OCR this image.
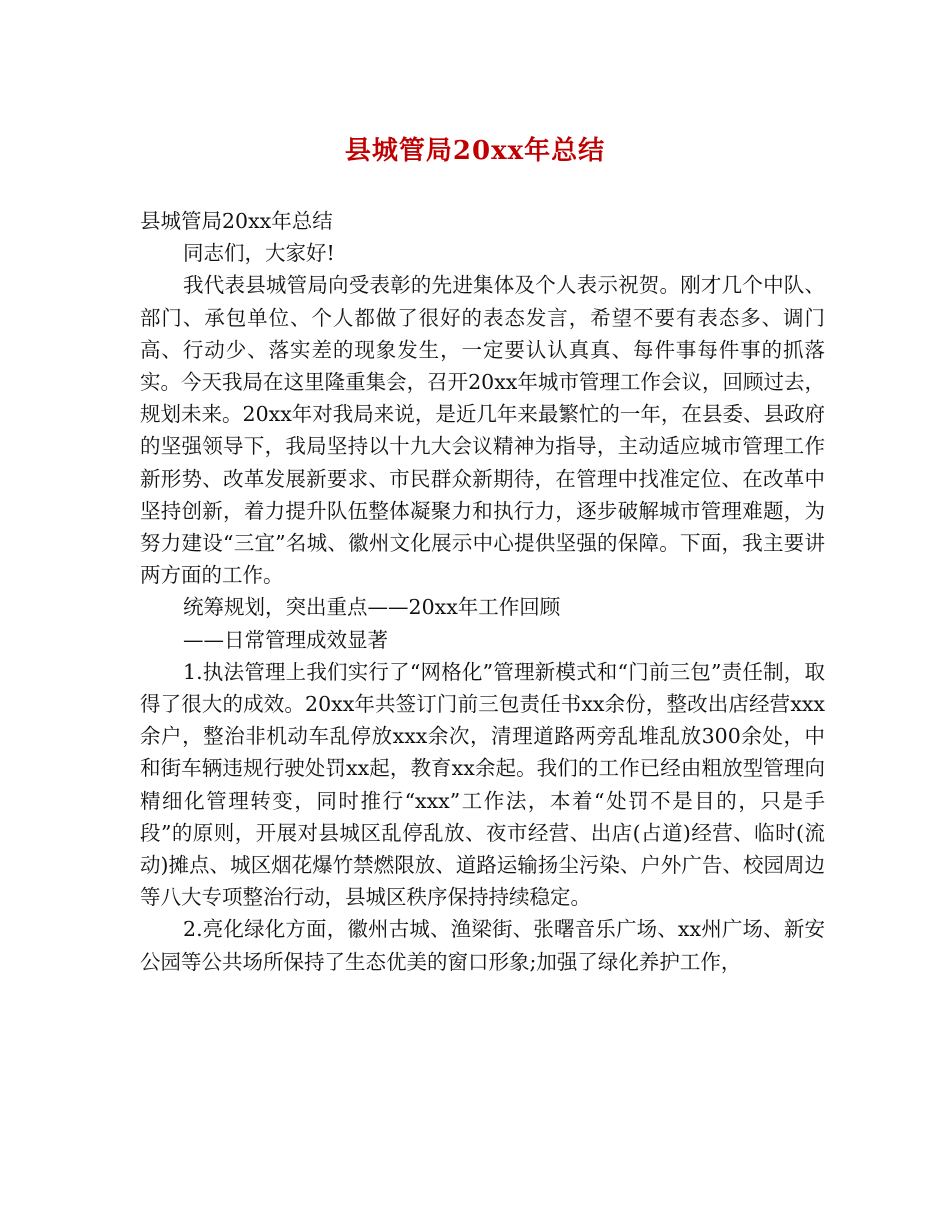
县城管局20xx年总结

县城管局20xx年总结

同志们，大家好!

我代表县城管局向受表彰的先进集体及个人表示祝贺。刚才几个中队、部门、承包单位、个人都做了很好的表态发言，希望不要有表态多、调门高、行动少、落实差的现象发生，一定要认认真真、每件事每件事的抓落实。今天我局在这里隆重集会，召开20xx年城市管理工作会议，回顾过去，规划未来。20xx年对我局来说，是近几年来最繁忙的一年，在县委、县政府的坚强领导下，我局坚持以十九大会议精神为指导，主动适应城市管理工作新形势、改革发展新要求、市民群众新期待，在管理中找准定位、在改革中坚持创新，着力提升队伍整体凝聚力和执行力，逐步破解城市管理难题，为努力建设“三宜”名城、徽州文化展示中心提供坚强的保障。下面，我主要讲两方面的工作。

统筹规划，突出重点——20xx年工作回顾

——日常管理成效显著

1.执法管理上我们实行了“网格化”管理新模式和“门前三包”责任制，取得了很大的成效。20xx年共签订门前三包责任书xx余份，整改出店经营xxx余户，整治非机动车乱停放xxx余次，清理道路两旁乱堆乱放300余处，中和街车辆违规行驶处罚xx起，教育xx余起。我们的工作已经由粗放型管理向精细化管理转变，同时推行“xxx”工作法，本着“处罚不是目的，只是手段”的原则，开展对县城区乱停乱放、夜市经营、出店(占道)经营、临时(流动)摊点、城区烟花爆竹禁燃限放、道路运输扬尘污染、户外广告、校园周边等八大专项整治行动，县城区秩序保持持续稳定。

2.亮化绿化方面，徽州古城、渔梁街、张曙音乐广场、xx州广场、新安公园等公共场所保持了生态优美的窗口形象;加强了绿化养护工作，
